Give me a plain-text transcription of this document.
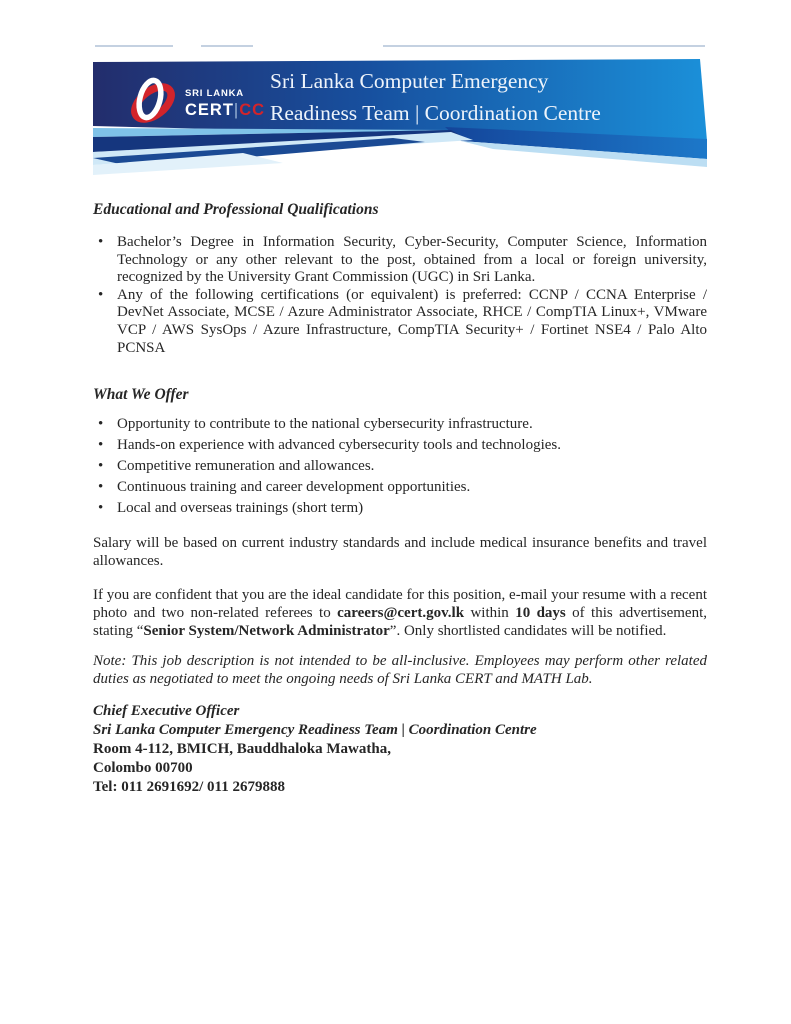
SRI LANKA
CERT|CC
Sri Lanka Computer Emergency
Readiness Team | Coordination Centre
Educational and Professional Qualifications
• Bachelor’s Degree in Information Security, Cyber-Security, Computer Science, Information Technology or any other relevant to the post, obtained from a local or foreign university, recognized by the University Grant Commission (UGC) in Sri Lanka.
• Any of the following certifications (or equivalent) is preferred: CCNP / CCNA Enterprise / DevNet Associate, MCSE / Azure Administrator Associate, RHCE / CompTIA Linux+, VMware VCP / AWS SysOps / Azure Infrastructure, CompTIA Security+ / Fortinet NSE4 / Palo Alto PCNSA
What We Offer
• Opportunity to contribute to the national cybersecurity infrastructure.
• Hands-on experience with advanced cybersecurity tools and technologies.
• Competitive remuneration and allowances.
• Continuous training and career development opportunities.
• Local and overseas trainings (short term)
Salary will be based on current industry standards and include medical insurance benefits and travel allowances.
If you are confident that you are the ideal candidate for this position, e-mail your resume with a recent photo and two non-related referees to careers@cert.gov.lk within 10 days of this advertisement, stating “Senior System/Network Administrator”. Only shortlisted candidates will be notified.
Note: This job description is not intended to be all-inclusive. Employees may perform other related duties as negotiated to meet the ongoing needs of Sri Lanka CERT and MATH Lab.
Chief Executive Officer
Sri Lanka Computer Emergency Readiness Team | Coordination Centre
Room 4-112, BMICH, Bauddhaloka Mawatha,
Colombo 00700
Tel: 011 2691692/ 011 2679888
